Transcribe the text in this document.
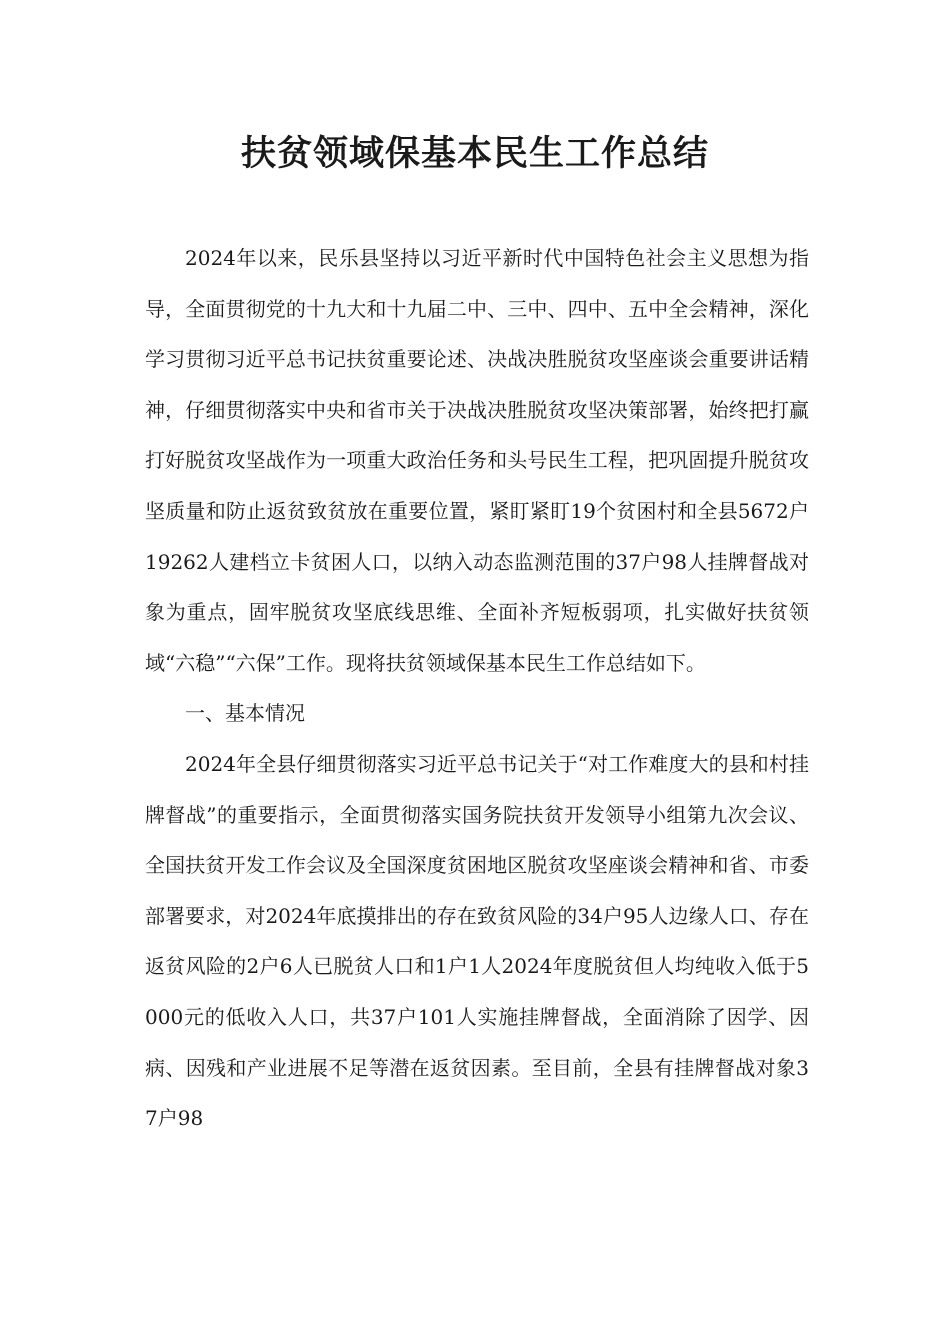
扶贫领域保基本民生工作总结

2024年以来，民乐县坚持以习近平新时代中国特色社会主义思想为指导，全面贯彻党的十九大和十九届二中、三中、四中、五中全会精神，深化学习贯彻习近平总书记扶贫重要论述、决战决胜脱贫攻坚座谈会重要讲话精神，仔细贯彻落实中央和省市关于决战决胜脱贫攻坚决策部署，始终把打赢打好脱贫攻坚战作为一项重大政治任务和头号民生工程，把巩固提升脱贫攻坚质量和防止返贫致贫放在重要位置，紧盯紧盯19个贫困村和全县5672户19262人建档立卡贫困人口，以纳入动态监测范围的37户98人挂牌督战对象为重点，固牢脱贫攻坚底线思维、全面补齐短板弱项，扎实做好扶贫领域“六稳”“六保”工作。现将扶贫领域保基本民生工作总结如下。

一、基本情况

2024年全县仔细贯彻落实习近平总书记关于“对工作难度大的县和村挂牌督战”的重要指示，全面贯彻落实国务院扶贫开发领导小组第九次会议、全国扶贫开发工作会议及全国深度贫困地区脱贫攻坚座谈会精神和省、市委部署要求，对2024年底摸排出的存在致贫风险的34户95人边缘人口、存在返贫风险的2户6人已脱贫人口和1户1人2024年度脱贫但人均纯收入低于5000元的低收入人口，共37户101人实施挂牌督战，全面消除了因学、因病、因残和产业进展不足等潜在返贫因素。至目前，全县有挂牌督战对象37户98
